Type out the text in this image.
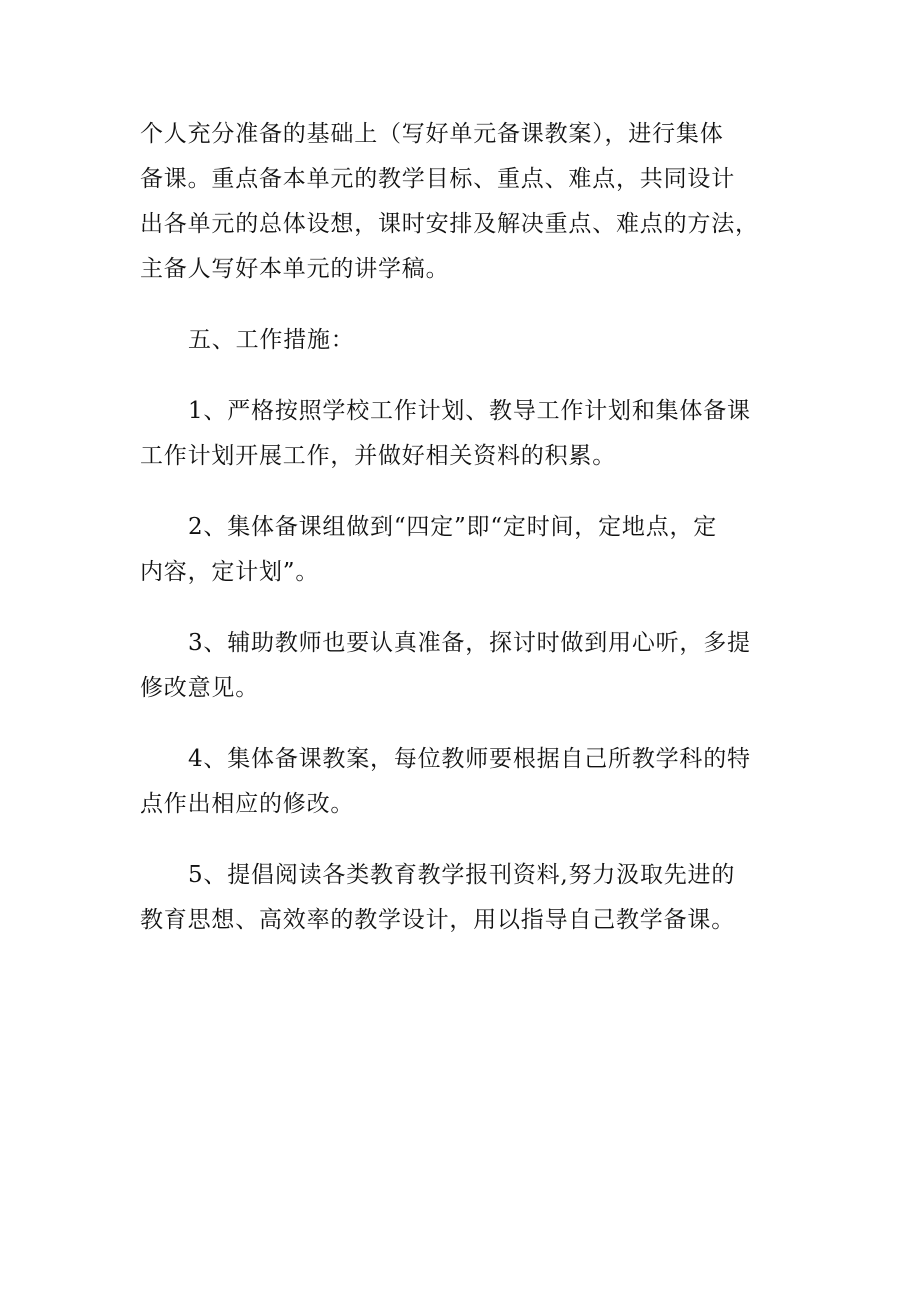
个人充分准备的基础上（写好单元备课教案），进行集体
备课。重点备本单元的教学目标、重点、难点，共同设计
出各单元的总体设想，课时安排及解决重点、难点的方法，
主备人写好本单元的讲学稿。

五、工作措施：

1、严格按照学校工作计划、教导工作计划和集体备课
工作计划开展工作，并做好相关资料的积累。

2、集体备课组做到“四定”即“定时间，定地点，定
内容，定计划”。

3、辅助教师也要认真准备，探讨时做到用心听，多提
修改意见。

4、集体备课教案，每位教师要根据自己所教学科的特
点作出相应的修改。

5、提倡阅读各类教育教学报刊资料,努力汲取先进的
教育思想、高效率的教学设计，用以指导自己教学备课。
